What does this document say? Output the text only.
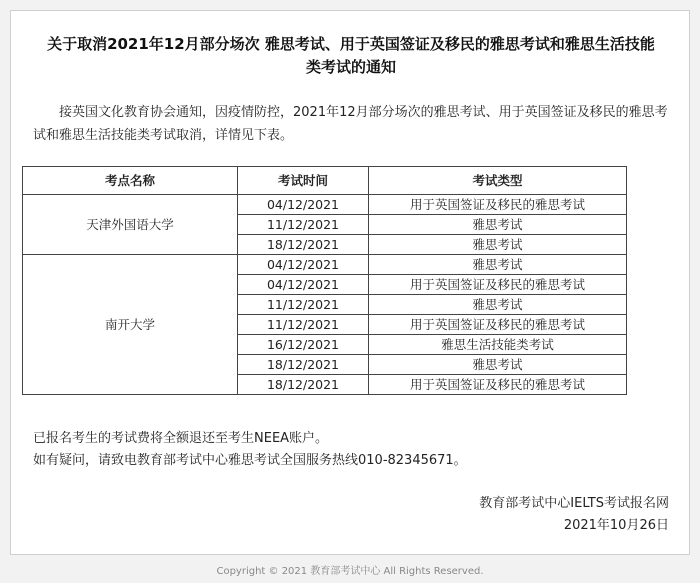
关于取消2021年12月部分场次 雅思考试、用于英国签证及移民的雅思考试和雅思生活技能
类考试的通知
接英国文化教育协会通知，因疫情防控，2021年12月部分场次的雅思考试、用于英国签证及移民的雅思考试和雅思生活技能类考试取消，详情见下表。
考点名称	考试时间	考试类型
天津外国语大学	04/12/2021	用于英国签证及移民的雅思考试
	11/12/2021	雅思考试
	18/12/2021	雅思考试
南开大学	04/12/2021	雅思考试
	04/12/2021	用于英国签证及移民的雅思考试
	11/12/2021	雅思考试
	11/12/2021	用于英国签证及移民的雅思考试
	16/12/2021	雅思生活技能类考试
	18/12/2021	雅思考试
	18/12/2021	用于英国签证及移民的雅思考试
已报名考生的考试费将全额退还至考生NEEA账户。
如有疑问，请致电教育部考试中心雅思考试全国服务热线010-82345671。
教育部考试中心IELTS考试报名网
2021年10月26日
Copyright © 2021 教育部考试中心 All Rights Reserved.
